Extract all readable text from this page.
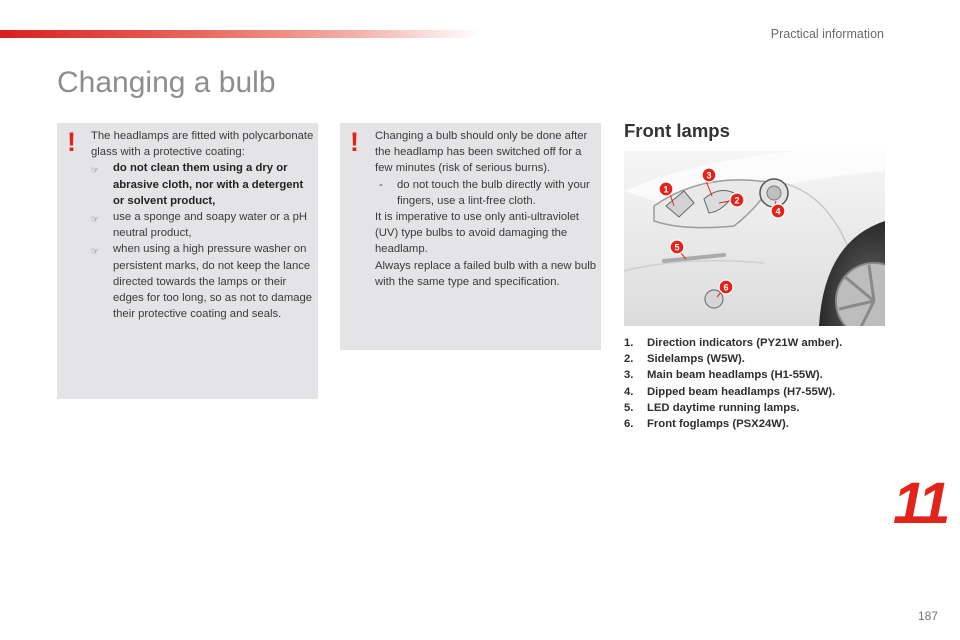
Practical information
Changing a bulb
! The headlamps are fitted with polycarbonate glass with a protective coating:

☞	do not clean them using a dry or abrasive cloth, nor with a detergent or solvent product,
☞	use a sponge and soapy water or a pH neutral product,
☞	when using a high pressure washer on persistent marks, do not keep the lance directed towards the lamps or their edges for too long, so as not to damage their protective coating and seals.
! Changing a bulb should only be done after the headlamp has been switched off for a few minutes (risk of serious burns).

-	do not touch the bulb directly with your fingers, use a lint-free cloth.

It is imperative to use only anti-ultraviolet (UV) type bulbs to avoid damaging the headlamp.

Always replace a failed bulb with a new bulb with the same type and specification.

Front lamps
1
2
3
4
5
6
1.	Direction indicators (PY21W amber).
2.	Sidelamps (W5W).
3.	Main beam headlamps (H1-55W).
4.	Dipped beam headlamps (H7-55W).
5.	LED daytime running lamps.
6.	Front foglamps (PSX24W).
11
187
